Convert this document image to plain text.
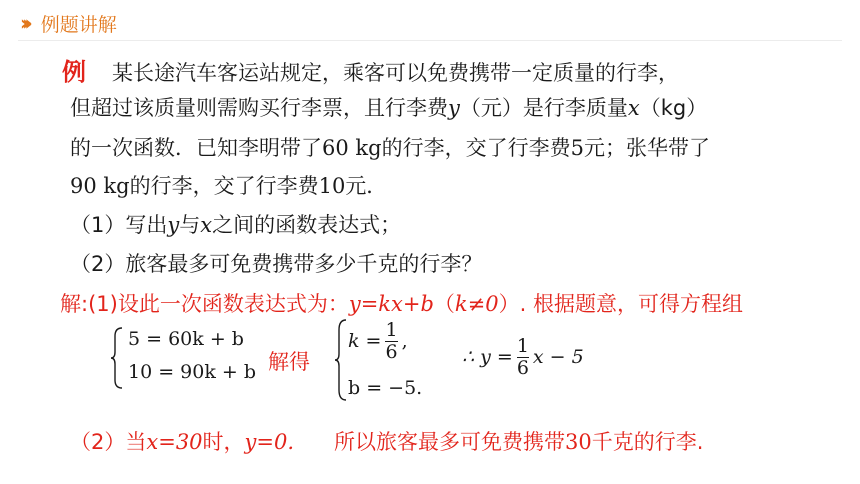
››› 例题讲解
例 某长途汽车客运站规定，乘客可以免费携带一定质量的行李，
但超过该质量则需购买行李票，且行李费y（元）是行李质量x（kg）
的一次函数．已知李明带了60 kg的行李，交了行李费5元；张华带了
90 kg的行李，交了行李费10元．
（1）写出y与x之间的函数表达式；
（2）旅客最多可免费携带多少千克的行李？
解:(1)设此一次函数表达式为：y=kx+b（k≠0）. 根据题意，可得方程组
5 = 60k + b
10 = 90k + b 解得
$k = \frac{1}{6}$ ,
b = −5.
∴ $y = \frac{1}{6}$ x − 5
（2）当x=30时，y=0. 所以旅客最多可免费携带30千克的行李.
